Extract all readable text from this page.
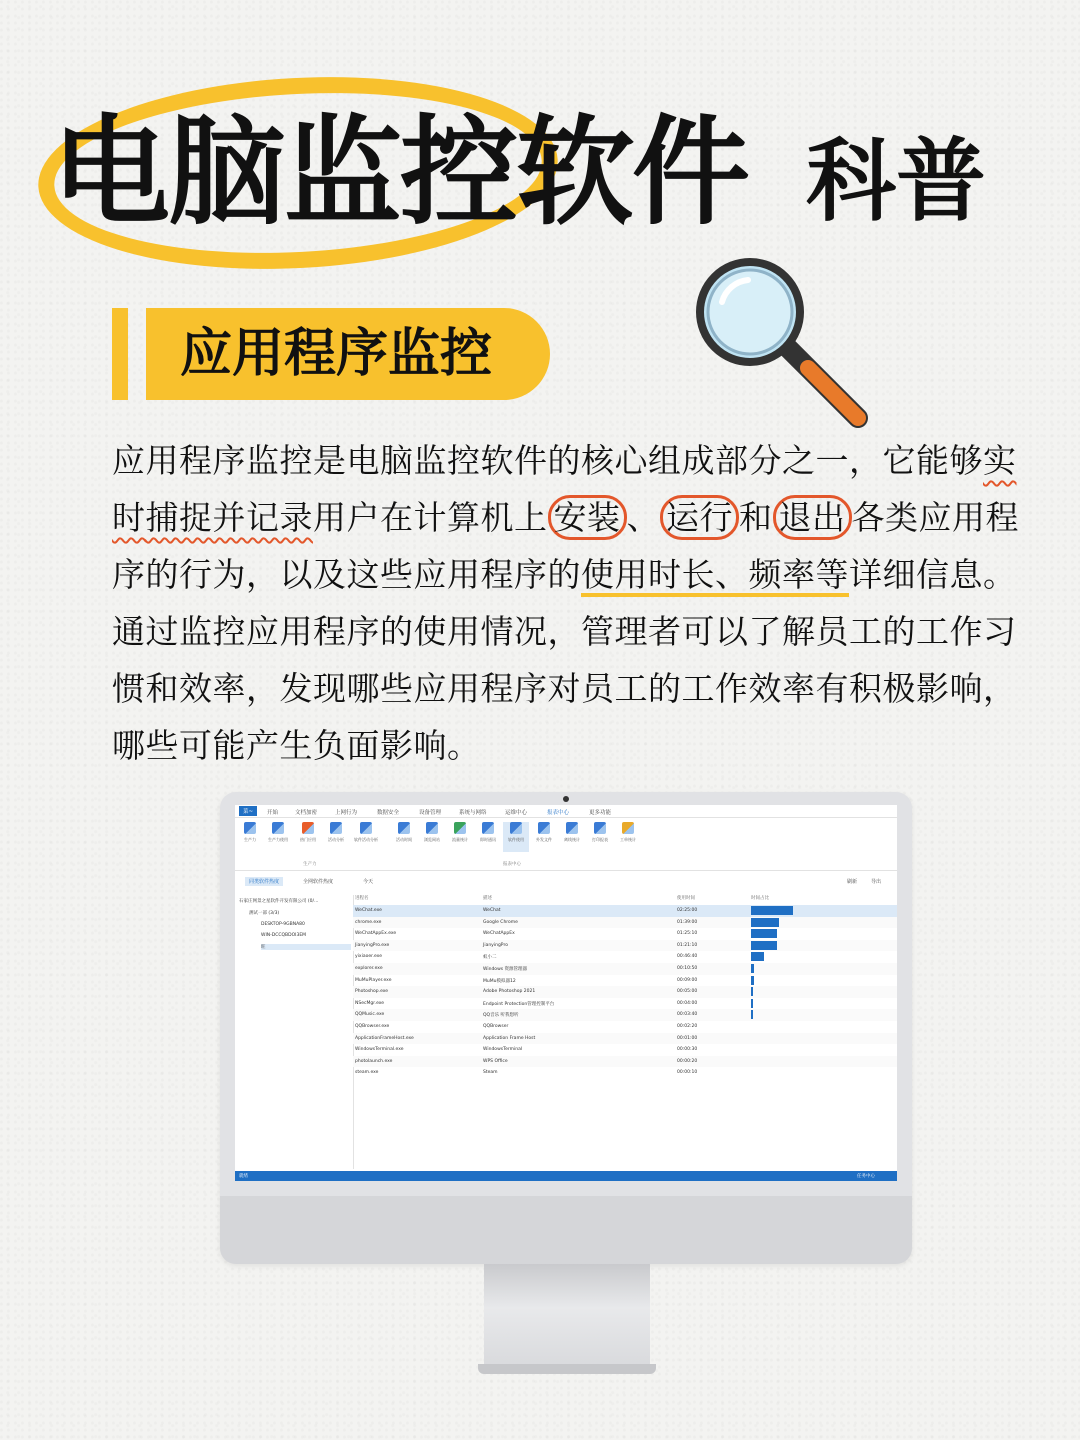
电脑监控软件 科普
应用程序监控
应用程序监控是电脑监控软件的核心组成部分之一，它能够实时捕捉并记录用户在计算机上 安装 、 运行 和 退出 各类应用程序的行为，以及这些应用程序的使用时长、频率等详细信息。通过监控应用程序的使用情况，管理者可以了解员工的工作习惯和效率，发现哪些应用程序对员工的工作效率有积极影响，哪些可能产生负面影响。
菜~	开始	文档加密	上网行为	数据安全	设备管理	系统与网络	运维中心	报表中心	更多功能
生产力	生产力使用	热门应用	活动分析	软件活动分析	活动时间	浏览网站	流量统计	即时通讯	软件使用	外发文件	离线统计	打印报表	工单统计
生产力	报表中心
同类软件热度	全网软件热度	今天	刷新	导出
石家庄网景之星软件开发有限公司 (0/...
测试一部 (3/3)
DESKTOP-9GBNA80
WIN-DCCQBDOI3EM
旺
进程名	描述	使用时间	时间占比
WeChat.exe	WeChat	02:25:00
chrome.exe	Google Chrome	01:39:00
WeChatAppEx.exe	WeChatAppEx	01:25:10
JianyingPro.exe	JianyingPro	01:21:10
yixiaoer.exe	蚁小二	00:46:40
explorer.exe	Windows 资源管理器	00:10:50
MuMuPlayer.exe	MuMu模拟器12	00:09:00
Photoshop.exe	Adobe Photoshop 2021	00:05:00
NSecMgr.exe	Endpoint Protection管理控制平台	00:04:00
QQMusic.exe	QQ音乐 听我想听	00:03:40
QQBrowser.exe	QQBrowser	00:02:20
ApplicationFrameHost.exe	Application Frame Host	00:01:00
WindowsTerminal.exe	WindowsTerminal	00:00:30
photolaunch.exe	WPS Office	00:00:20
steam.exe	Steam	00:00:10
就绪	任务中心
